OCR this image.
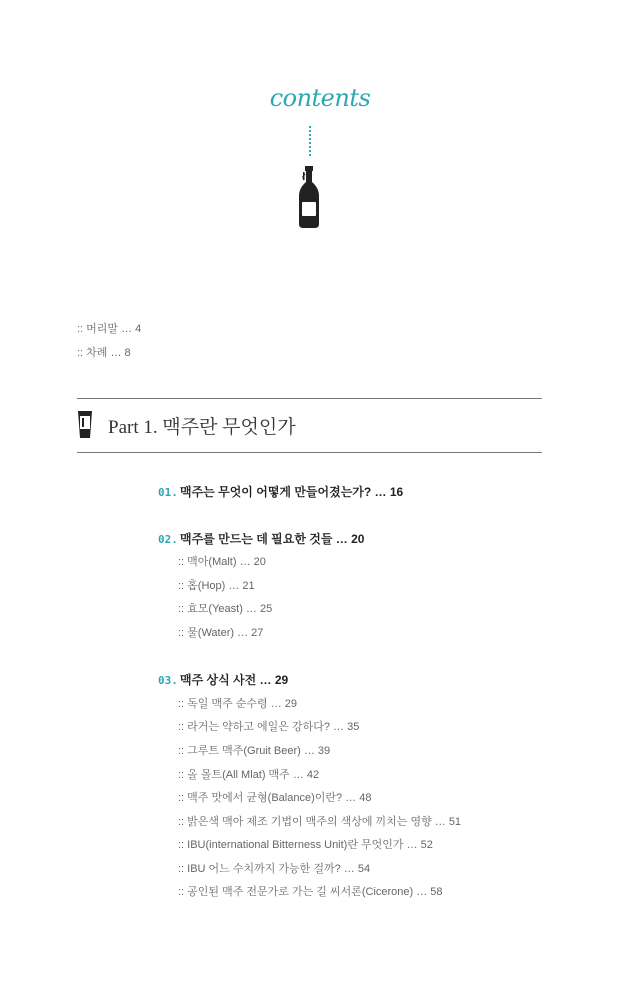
contents
:: 머리말 … 4
:: 차례 … 8
Part 1. 맥주란 무엇인가
01. 맥주는 무엇이 어떻게 만들어졌는가? … 16
02. 맥주를 만드는 데 필요한 것들 … 20
:: 맥아(Malt) … 20
:: 홉(Hop) … 21
:: 효모(Yeast) … 25
:: 물(Water) … 27
03. 맥주 상식 사전 … 29
:: 독일 맥주 순수령 … 29
:: 라거는 약하고 에일은 강하다? … 35
:: 그루트 맥주(Gruit Beer) … 39
:: 올 몰트(All Mlat) 맥주 … 42
:: 맥주 맛에서 균형(Balance)이란? … 48
:: 밝은색 맥아 제조 기법이 맥주의 색상에 끼치는 영향 … 51
:: IBU(international Bitterness Unit)란 무엇인가 … 52
:: IBU 어느 수치까지 가능한 걸까? … 54
:: 공인된 맥주 전문가로 가는 길 씨서론(Cicerone) … 58
